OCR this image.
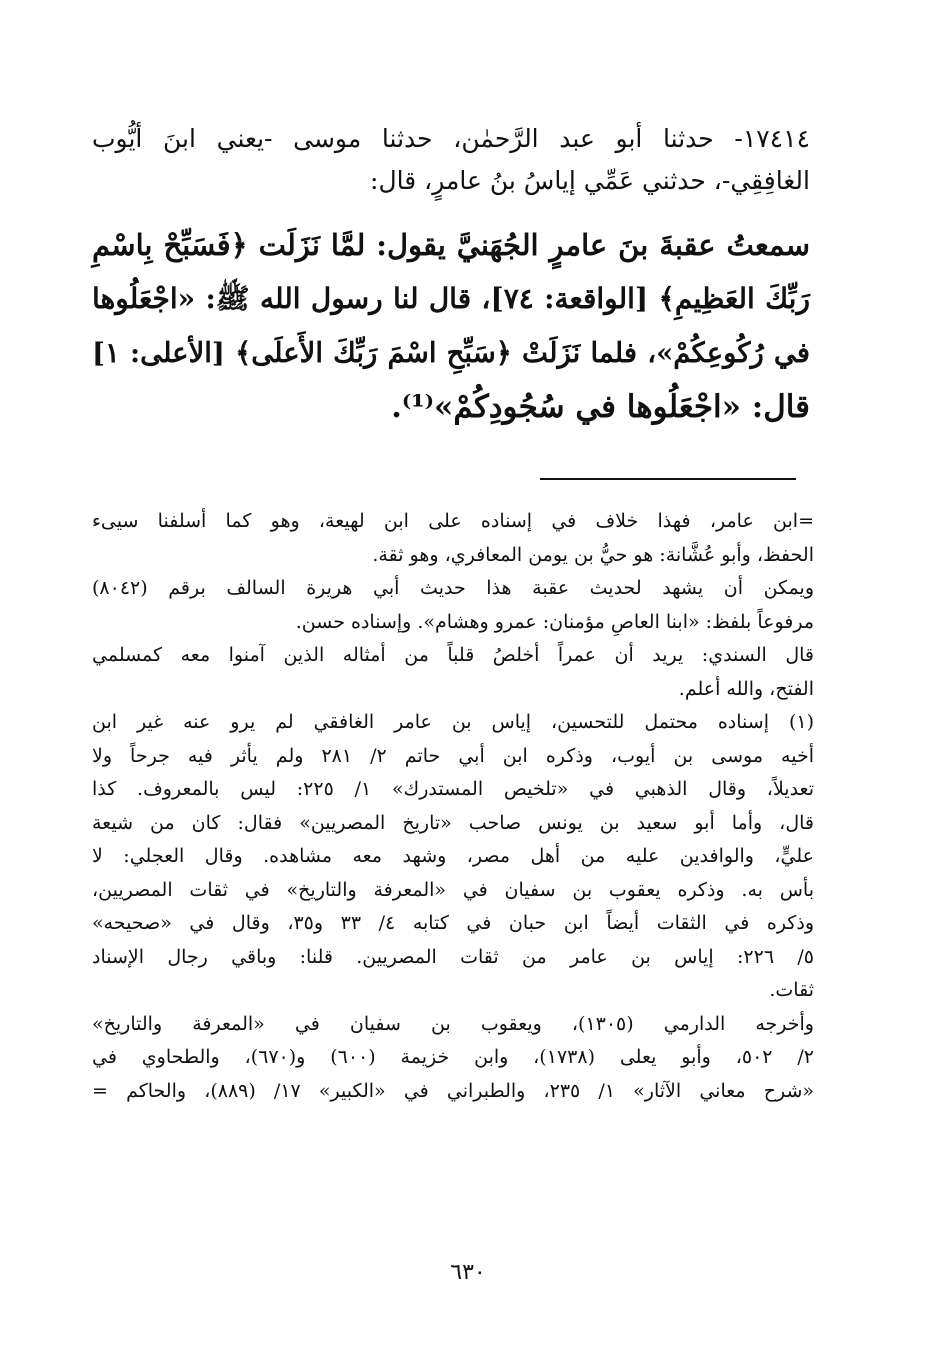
١٧٤١٤- حدثنا أبو عبد الرَّحمٰن، حدثنا موسى -يعني ابنَ أيُّوب
الغافِقِي-، حدثني عَمِّي إياسُ بنُ عامرٍ، قال:
سمعتُ عقبةَ بنَ عامرٍ الجُهَنيَّ يقول: لمَّا نَزَلَت ﴿فَسَبِّحْ بِاسْمِ
رَبِّكَ العَظِيمِ﴾ [الواقعة: ٧٤]، قال لنا رسول الله ﷺ: «اجْعَلُوها
في رُكُوعِكُمْ»، فلما نَزَلَتْ ﴿سَبِّحِ اسْمَ رَبِّكَ الأَعلَى﴾ [الأعلى: ١]
قال: «اجْعَلُوها في سُجُودِكُمْ»⁽¹⁾.
=ابن عامر، فهذا خلاف في إسناده على ابن لهيعة، وهو كما أسلفنا سيىء
الحفظ، وأبو عُشَّانة: هو حيُّ بن يومن المعافري، وهو ثقة.
ويمكن أن يشهد لحديث عقبة هذا حديث أبي هريرة السالف برقم (٨٠٤٢)
مرفوعاً بلفظ: «ابنا العاصِ مؤمنان: عمرو وهشام». وإسناده حسن.
قال السندي: يريد أن عمراً أخلصُ قلباً من أمثاله الذين آمنوا معه كمسلمي
الفتح، والله أعلم.
(١) إسناده محتمل للتحسين، إياس بن عامر الغافقي لم يرو عنه غير ابن
أخيه موسى بن أيوب، وذكره ابن أبي حاتم ٢/ ٢٨١ ولم يأثر فيه جرحاً ولا
تعديلاً، وقال الذهبي في «تلخيص المستدرك» ١/ ٢٢٥: ليس بالمعروف. كذا
قال، وأما أبو سعيد بن يونس صاحب «تاريخ المصريين» فقال: كان من شيعة
عليٍّ، والوافدين عليه من أهل مصر، وشهد معه مشاهده. وقال العجلي: لا
بأس به. وذكره يعقوب بن سفيان في «المعرفة والتاريخ» في ثقات المصريين،
وذكره في الثقات أيضاً ابن حبان في كتابه ٤/ ٣٣ و٣٥، وقال في «صحيحه»
٥/ ٢٢٦: إياس بن عامر من ثقات المصريين. قلنا: وباقي رجال الإسناد
ثقات.
وأخرجه الدارمي (١٣٠٥)، ويعقوب بن سفيان في «المعرفة والتاريخ»
٢/ ٥٠٢، وأبو يعلى (١٧٣٨)، وابن خزيمة (٦٠٠) و(٦٧٠)، والطحاوي في
«شرح معاني الآثار» ١/ ٢٣٥، والطبراني في «الكبير» ١٧/ (٨٨٩)، والحاكم =
٦٣٠
